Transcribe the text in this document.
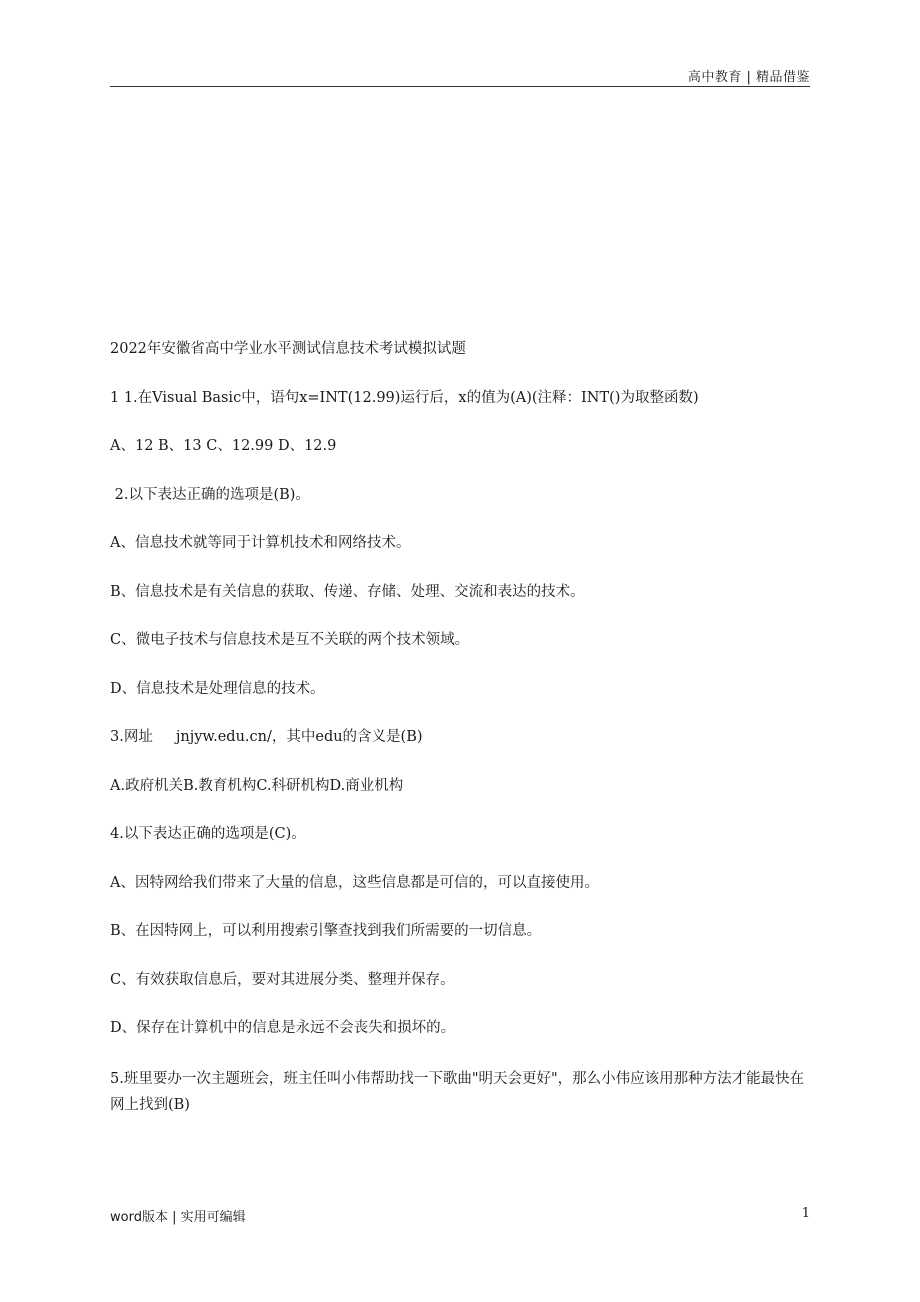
高中教育 | 精品借鉴
2022年安徽省高中学业水平测试信息技术考试模拟试题
1 1.在Visual Basic中，语句x=INT(12.99)运行后，x的值为(A)(注释：INT()为取整函数)
A、12 B、13 C、12.99 D、12.9
2.以下表达正确的选项是(B)。
A、信息技术就等同于计算机技术和网络技术。
B、信息技术是有关信息的获取、传递、存储、处理、交流和表达的技术。
C、微电子技术与信息技术是互不关联的两个技术领域。
D、信息技术是处理信息的技术。
3.网址     jnjyw.edu.cn/，其中edu的含义是(B)
A.政府机关B.教育机构C.科研机构D.商业机构
4.以下表达正确的选项是(C)。
A、因特网给我们带来了大量的信息，这些信息都是可信的，可以直接使用。
B、在因特网上，可以利用搜索引擎查找到我们所需要的一切信息。
C、有效获取信息后，要对其进展分类、整理并保存。
D、保存在计算机中的信息是永远不会丧失和损坏的。
5.班里要办一次主题班会，班主任叫小伟帮助找一下歌曲"明天会更好"，那么小伟应该用那种方法才能最快在网上找到(B)
word版本 | 实用可编辑	1
